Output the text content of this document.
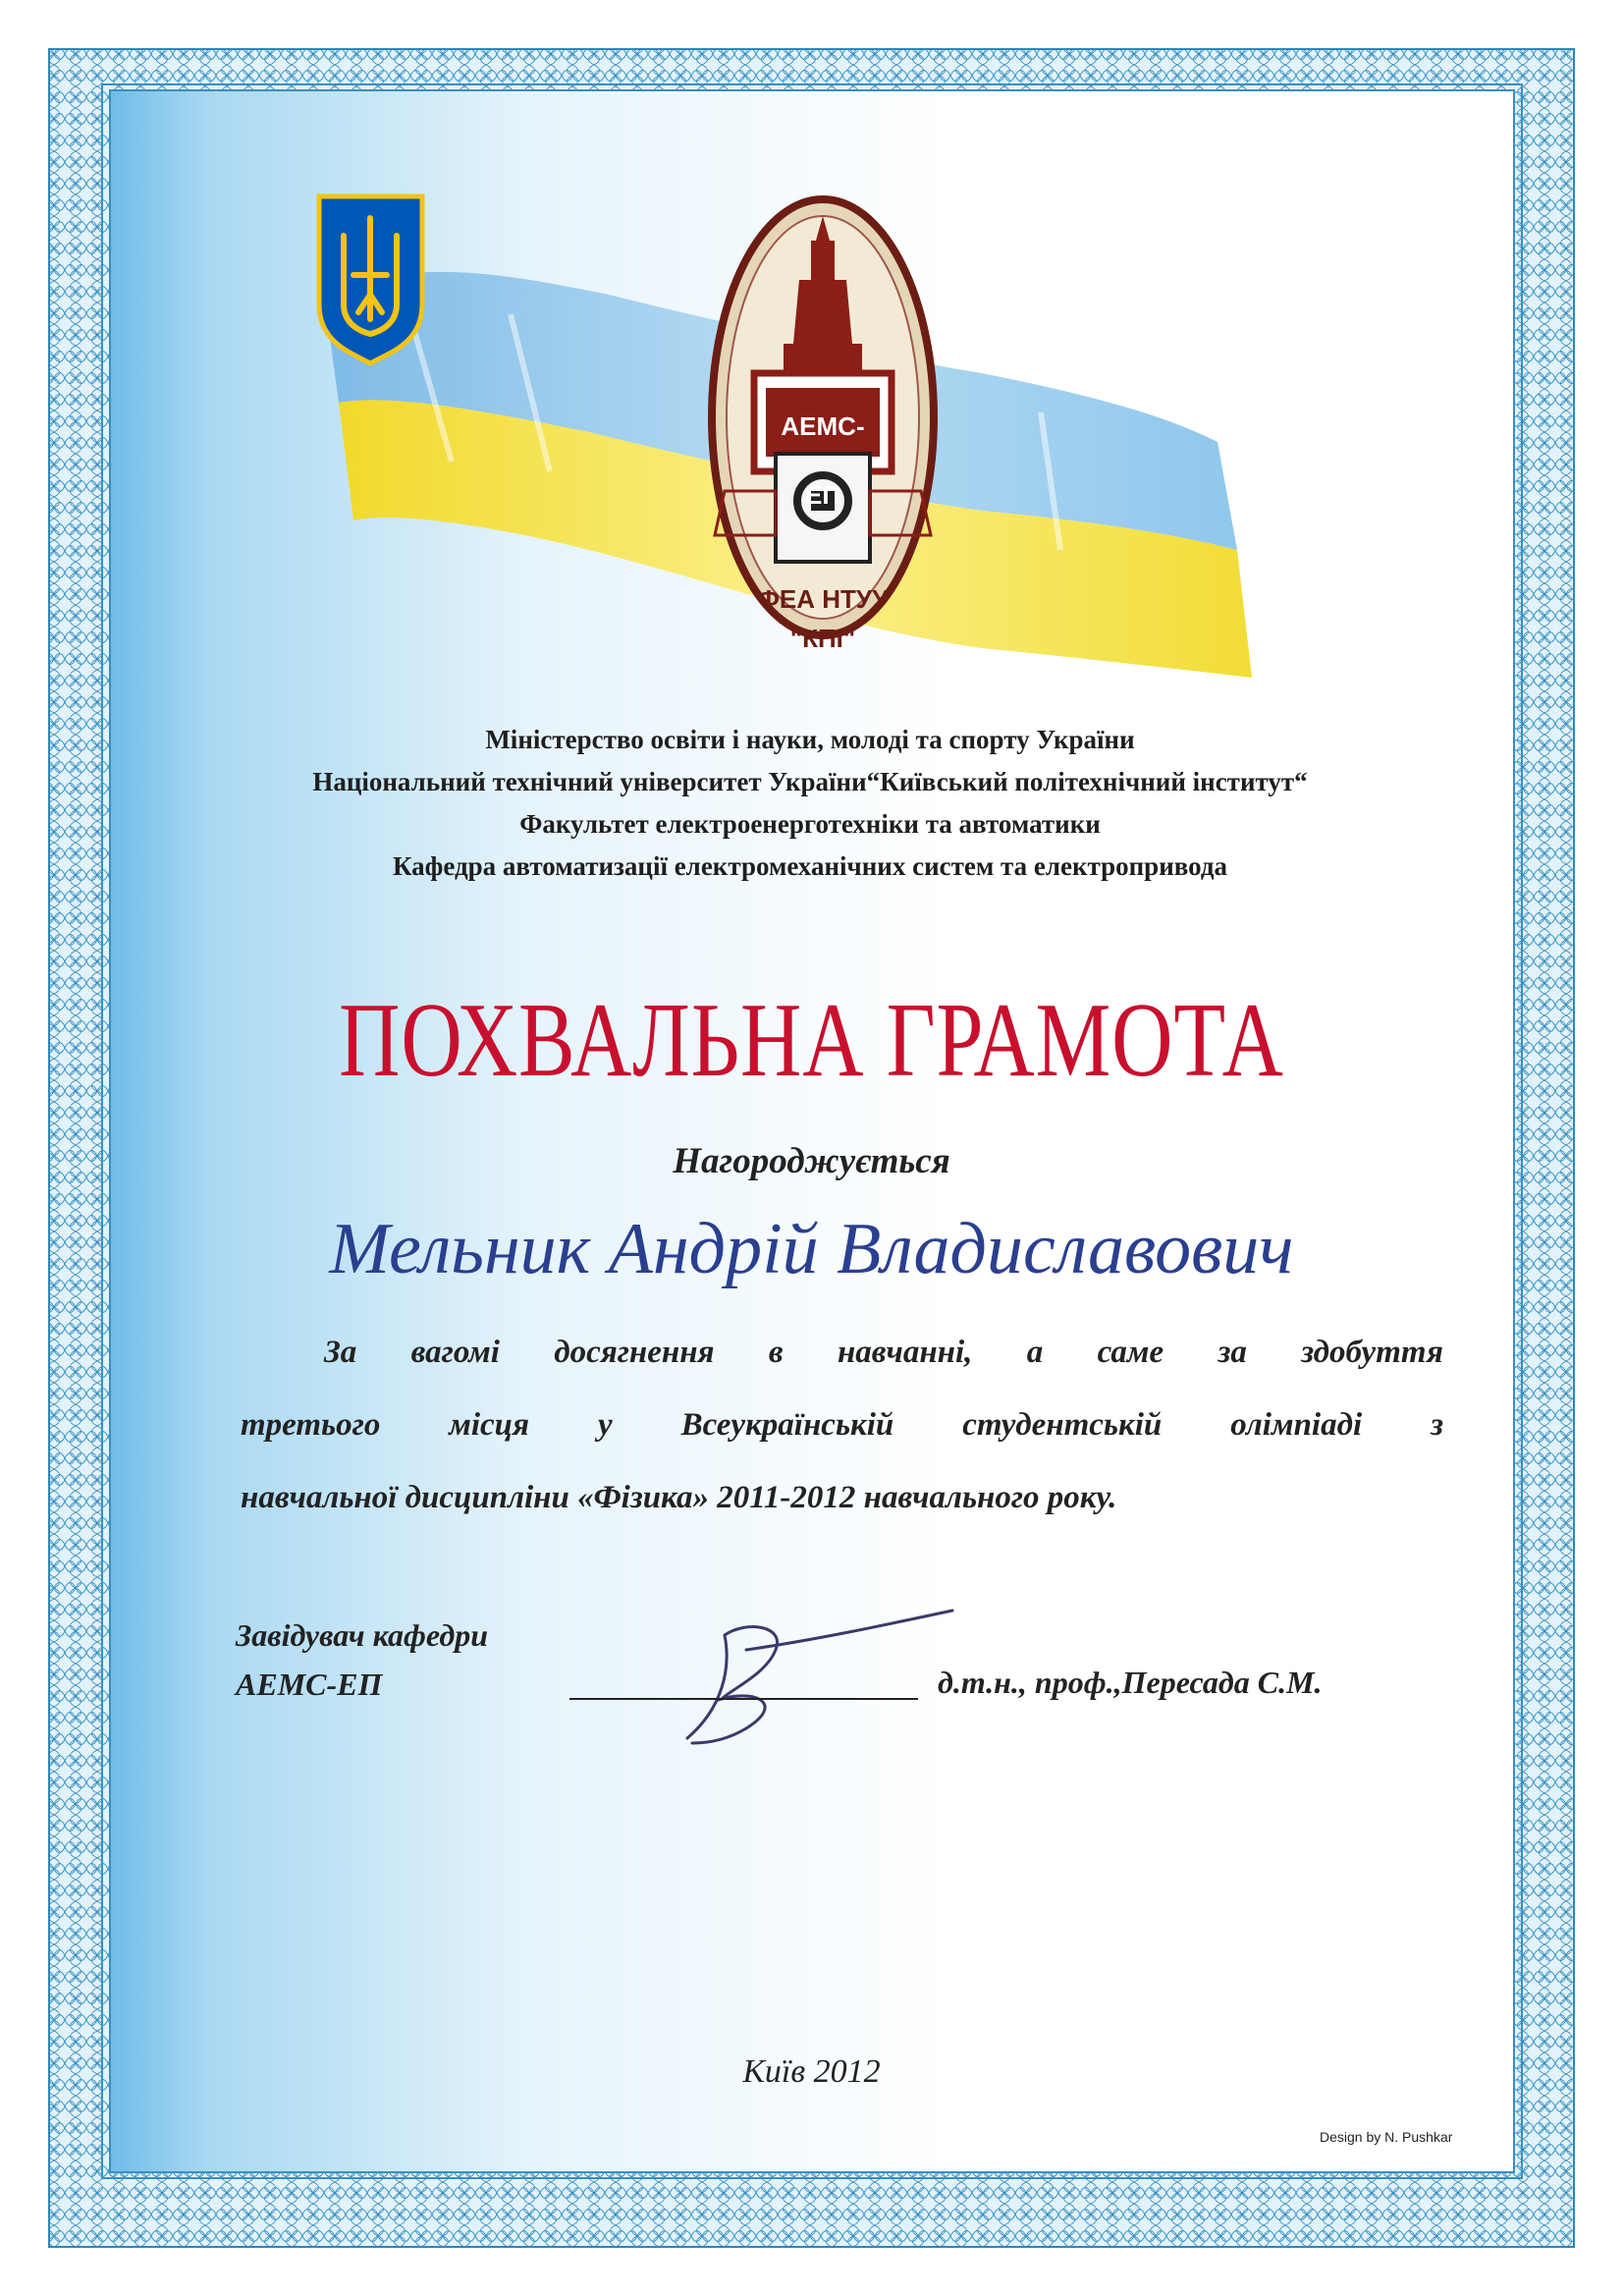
АЕМС-ЕП
ФЕА НТУУ "КПІ"
Міністерство освіти і науки, молоді та спорту України
Національний технічний університет України“Київський політехнічний інститут“
Факультет електроенерготехніки та автоматики
Кафедра автоматизації електромеханічних систем та електропривода
ПОХВАЛЬНА ГРАМОТА
Нагороджується
Мельник Андрій Владиславович
За вагомі досягнення в навчанні, а саме за здобуття
третього місця у Всеукраїнській студентській олімпіаді з
навчальної дисципліни «Фізика» 2011-2012 навчального року.
Завідувач кафедри
АЕМС-ЕП	д.т.н., проф.,Пересада С.М.
Київ 2012
Design by N. Pushkar
